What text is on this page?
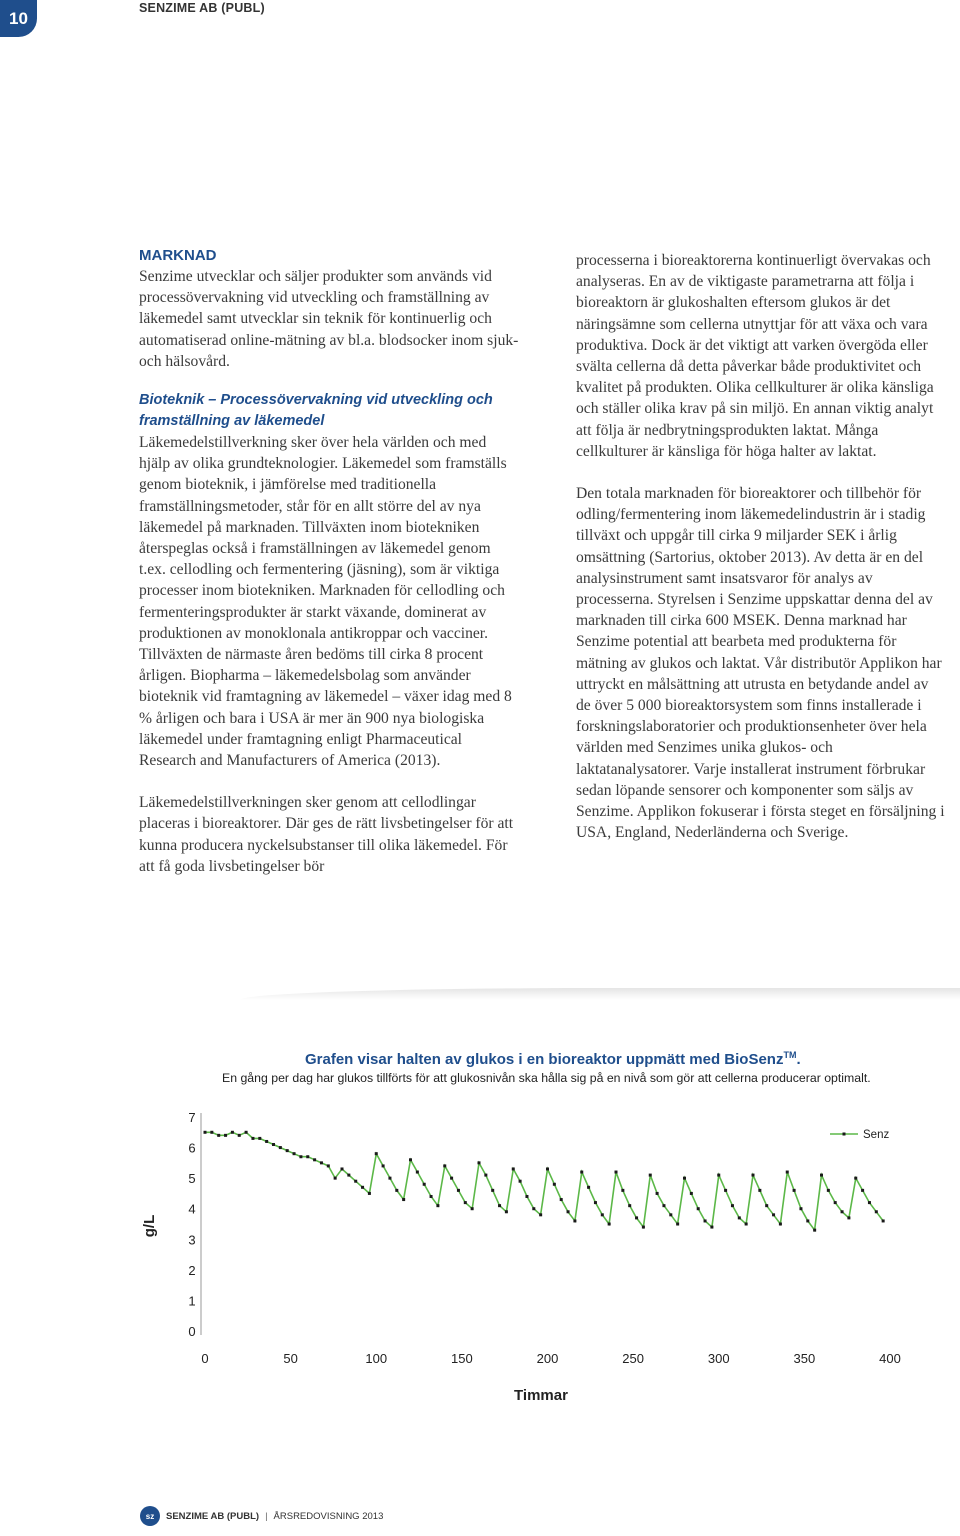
10
SENZIME AB (PUBL)
MARKNAD

Senzime utvecklar och säljer produkter som används vid processövervakning vid utveckling och framställning av läkemedel samt utvecklar sin teknik för kontinuerlig och automatiserad online-mätning av bl.a. blodsocker inom sjuk- och hälsovård.

Bioteknik – Processövervakning vid utveckling och framställning av läkemedel

Läkemedelstillverkning sker över hela världen och med hjälp av olika grundteknologier. Läkemedel som framställs genom bioteknik, i jämförelse med traditionella framställningsmetoder, står för en allt större del av nya läkemedel på marknaden. Tillväxten inom biotekniken återspeglas också i framställningen av läkemedel genom t.ex. cellodling och fermentering (jäsning), som är viktiga processer inom biotekniken. Marknaden för cellodling och fermenteringsprodukter är starkt växande, dominerat av produktionen av monoklonala antikroppar och vacciner. Tillväxten de närmaste åren bedöms till cirka 8 procent årligen. Biopharma – läkemedelsbolag som använder bioteknik vid framtagning av läkemedel – växer idag med 8 % årligen och bara i USA är mer än 900 nya biologiska läkemedel under framtagning enligt Pharmaceutical Research and Manufacturers of America (2013).

Läkemedelstillverkningen sker genom att cellodlingar placeras i bioreaktorer. Där ges de rätt livsbetingelser för att kunna producera nyckelsubstanser till olika läkemedel. För att få goda livsbetingelser bör

processerna i bioreaktorerna kontinuerligt övervakas och analyseras. En av de viktigaste parametrarna att följa i bioreaktorn är glukoshalten eftersom glukos är det näringsämne som cellerna utnyttjar för att växa och vara produktiva. Dock är det viktigt att varken övergöda eller svälta cellerna då detta påverkar både produktivitet och kvalitet på produkten. Olika cellkulturer är olika känsliga och ställer olika krav på sin miljö. En annan viktig analyt att följa är nedbrytningsprodukten laktat. Många cellkulturer är känsliga för höga halter av laktat.

Den totala marknaden för bioreaktorer och tillbehör för odling/fermentering inom läkemedelindustrin är i stadig tillväxt och uppgår till cirka 9 miljarder SEK i årlig omsättning (Sartorius, oktober 2013). Av detta är en del analysinstrument samt insatsvaror för analys av processerna. Styrelsen i Senzime uppskattar denna del av marknaden till cirka 600 MSEK. Denna marknad har Senzime potential att bearbeta med produkterna för mätning av glukos och laktat. Vår distributör Applikon har uttryckt en målsättning att utrusta en betydande andel av de över 5 000 bioreaktorsystem som finns installerade i forskningslaboratorier och produktionsenheter över hela världen med Senzimes unika glukos- och laktatanalysatorer. Varje installerat instrument förbrukar sedan löpande sensorer och komponenter som säljs av Senzime. Applikon fokuserar i första steget en försäljning i USA, England, Nederländerna och Sverige.

Grafen visar halten av glukos i en bioreaktor uppmätt med BioSenz™.
En gång per dag har glukos tillförts för att glukosnivån ska hålla sig på en nivå som gör att cellerna producerar optimalt.
0
1
2
3
4
5
6
7
0	50	100	150	200	250	300	350	400
Timmar
g/L
Senz
sz	SENZIME AB (PUBL) | ÅRSREDOVISNING 2013
